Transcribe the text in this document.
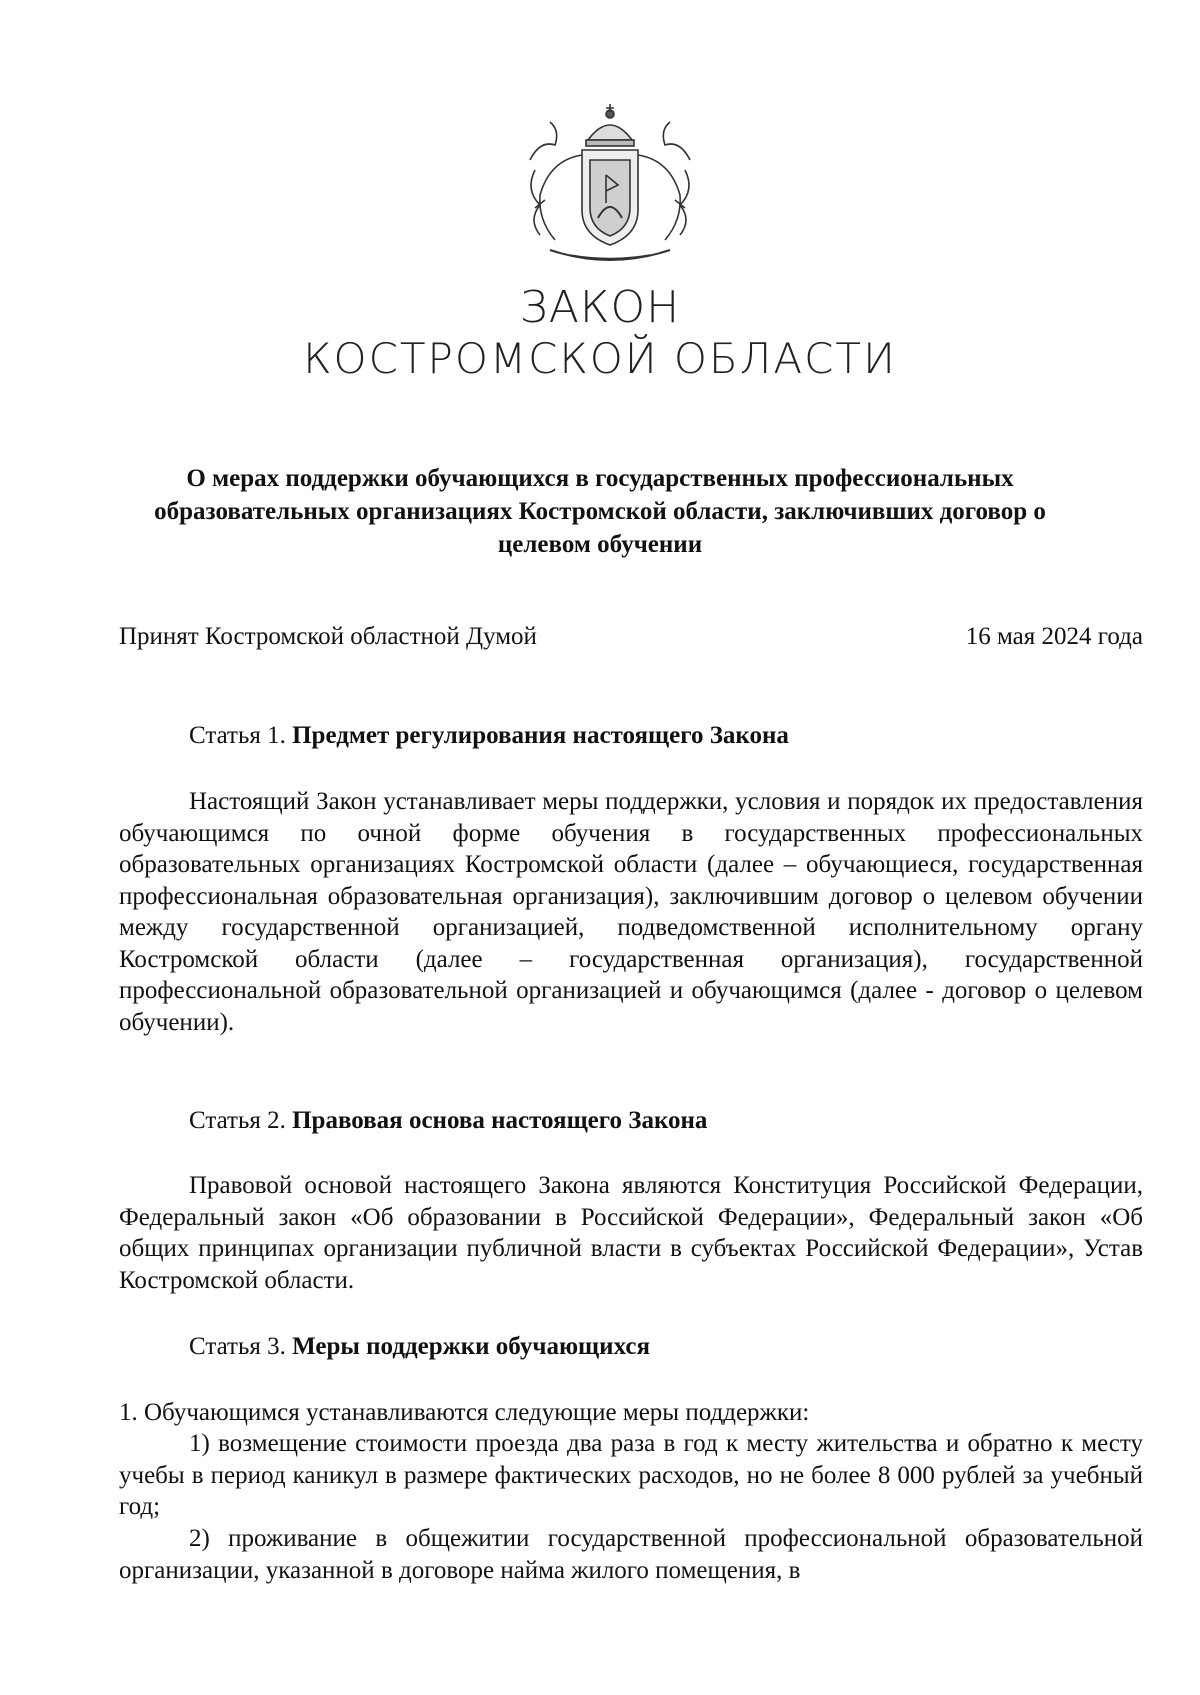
ЗАКОН
КОСТРОМСКОЙ ОБЛАСТИ
О мерах поддержки обучающихся в государственных профессиональных образовательных организациях Костромской области, заключивших договор о целевом обучении
Принят Костромской областной Думой	16 мая 2024 года
Статья 1. Предмет регулирования настоящего Закона

Настоящий Закон устанавливает меры поддержки, условия и порядок их предоставления обучающимся по очной форме обучения в государственных профессиональных образовательных организациях Костромской области (далее – обучающиеся, государственная профессиональная образовательная организация), заключившим договор о целевом обучении между государственной организацией, подведомственной исполнительному органу Костромской области (далее – государственная организация), государственной профессиональной образовательной организацией и обучающимся (далее - договор о целевом обучении).

Статья 2. Правовая основа настоящего Закона

Правовой основой настоящего Закона являются Конституция Российской Федерации, Федеральный закон «Об образовании в Российской Федерации», Федеральный закон «Об общих принципах организации публичной власти в субъектах Российской Федерации», Устав Костромской области.

Статья 3. Меры поддержки обучающихся

1. Обучающимся устанавливаются следующие меры поддержки:

1) возмещение стоимости проезда два раза в год к месту жительства и обратно к месту учебы в период каникул в размере фактических расходов, но не более 8 000 рублей за учебный год;

2) проживание в общежитии государственной профессиональной образовательной организации, указанной в договоре найма жилого помещения, в
